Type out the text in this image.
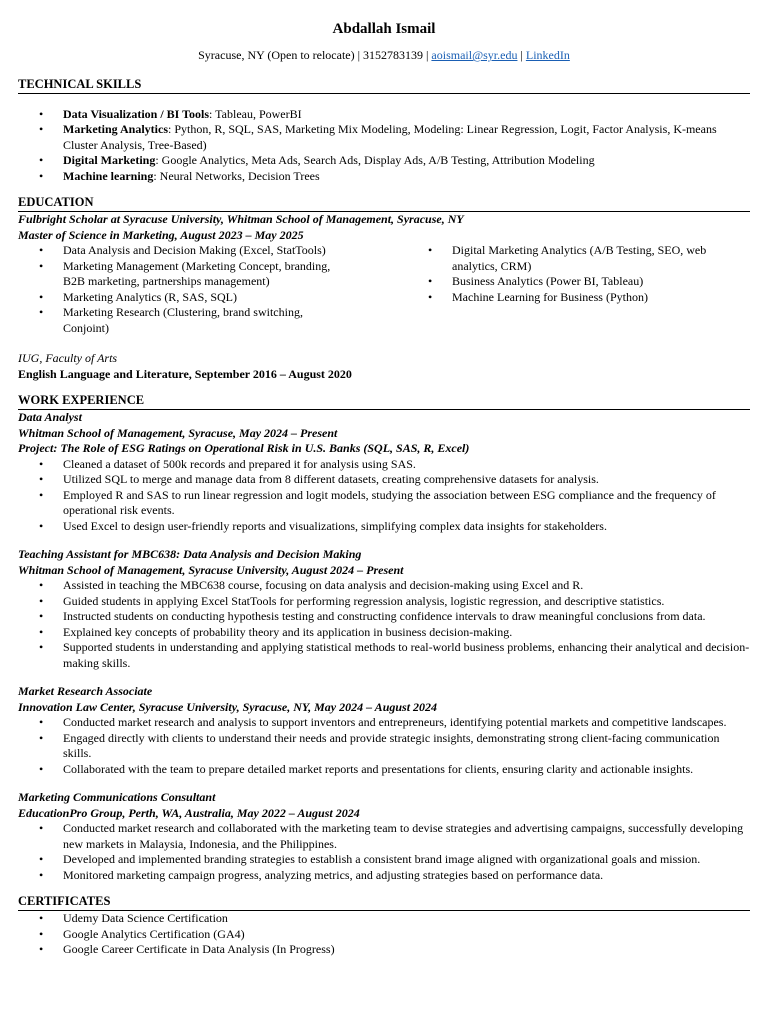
Abdallah Ismail
Syracuse, NY (Open to relocate) | 3152783139 | aoismail@syr.edu | LinkedIn
TECHNICAL SKILLS
• Data Visualization / BI Tools: Tableau, PowerBI
• Marketing Analytics: Python, R, SQL, SAS, Marketing Mix Modeling, Modeling: Linear Regression, Logit, Factor Analysis, K-means Cluster Analysis, Tree-Based)
• Digital Marketing: Google Analytics, Meta Ads, Search Ads, Display Ads, A/B Testing, Attribution Modeling
• Machine learning: Neural Networks, Decision Trees
EDUCATION
Fulbright Scholar at Syracuse University, Whitman School of Management, Syracuse, NY
Master of Science in Marketing, August 2023 – May 2025
• Data Analysis and Decision Making (Excel, StatTools)
• Marketing Management (Marketing Concept, branding, B2B marketing, partnerships management)
• Marketing Analytics (R, SAS, SQL)
• Marketing Research (Clustering, brand switching, Conjoint)
• Digital Marketing Analytics (A/B Testing, SEO, web analytics, CRM)
• Business Analytics (Power BI, Tableau)
• Machine Learning for Business (Python)
IUG, Faculty of Arts
English Language and Literature, September 2016 – August 2020
WORK EXPERIENCE
Data Analyst
Whitman School of Management, Syracuse, May 2024 – Present
Project: The Role of ESG Ratings on Operational Risk in U.S. Banks (SQL, SAS, R, Excel)
• Cleaned a dataset of 500k records and prepared it for analysis using SAS.
• Utilized SQL to merge and manage data from 8 different datasets, creating comprehensive datasets for analysis.
• Employed R and SAS to run linear regression and logit models, studying the association between ESG compliance and the frequency of operational risk events.
• Used Excel to design user-friendly reports and visualizations, simplifying complex data insights for stakeholders.
Teaching Assistant for MBC638: Data Analysis and Decision Making
Whitman School of Management, Syracuse University, August 2024 – Present
• Assisted in teaching the MBC638 course, focusing on data analysis and decision-making using Excel and R.
• Guided students in applying Excel StatTools for performing regression analysis, logistic regression, and descriptive statistics.
• Instructed students on conducting hypothesis testing and constructing confidence intervals to draw meaningful conclusions from data.
• Explained key concepts of probability theory and its application in business decision-making.
• Supported students in understanding and applying statistical methods to real-world business problems, enhancing their analytical and decision-making skills.
Market Research Associate
Innovation Law Center, Syracuse University, Syracuse, NY, May 2024 – August 2024
• Conducted market research and analysis to support inventors and entrepreneurs, identifying potential markets and competitive landscapes.
• Engaged directly with clients to understand their needs and provide strategic insights, demonstrating strong client-facing communication skills.
• Collaborated with the team to prepare detailed market reports and presentations for clients, ensuring clarity and actionable insights.
Marketing Communications Consultant
EducationPro Group, Perth, WA, Australia, May 2022 – August 2024
• Conducted market research and collaborated with the marketing team to devise strategies and advertising campaigns, successfully developing new markets in Malaysia, Indonesia, and the Philippines.
• Developed and implemented branding strategies to establish a consistent brand image aligned with organizational goals and mission.
• Monitored marketing campaign progress, analyzing metrics, and adjusting strategies based on performance data.
CERTIFICATES
• Udemy Data Science Certification
• Google Analytics Certification (GA4)
• Google Career Certificate in Data Analysis (In Progress)
